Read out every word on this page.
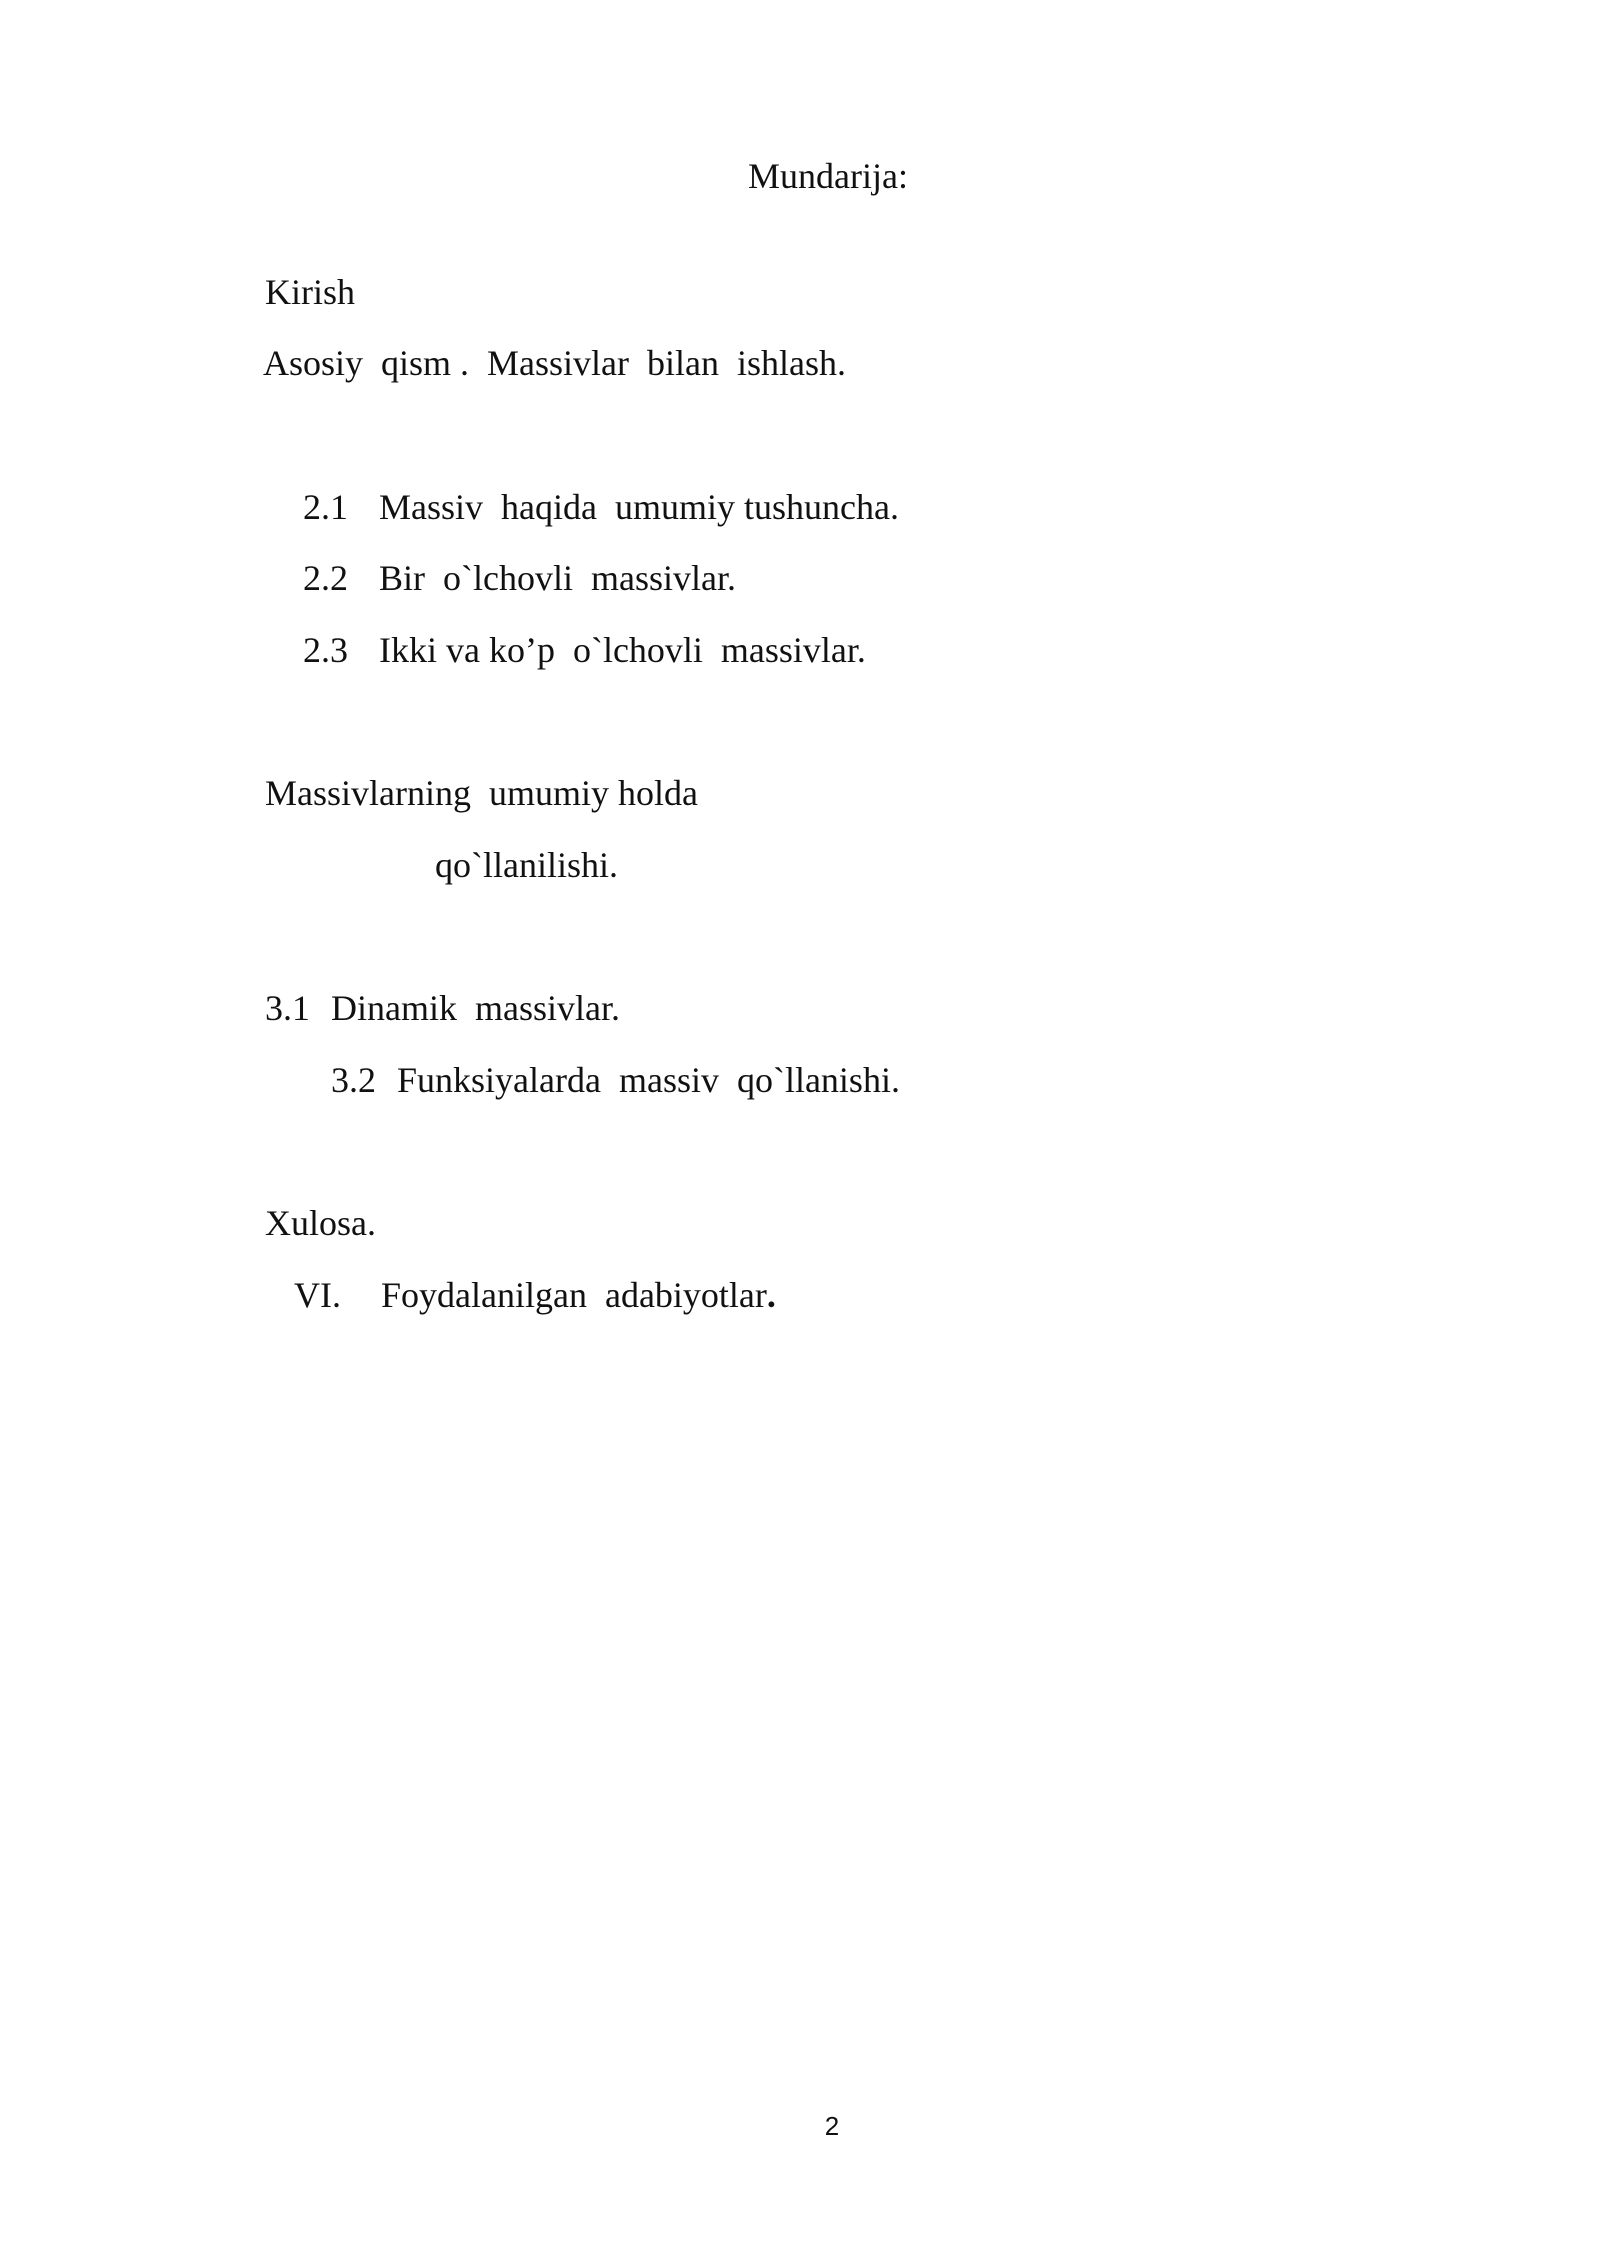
Mundarija:

Kirish

Asosiy  qism .  Massivlar  bilan  ishlash.

2.1 Massiv  haqida  umumiy tushuncha.

2.2 Bir  o`lchovli  massivlar.

2.3 Ikki va ko’p  o`lchovli  massivlar.

Massivlarning  umumiy holda

qo`llanilishi.

3.1 Dinamik  massivlar.

3.2 Funksiyalarda  massiv  qo`llanishi.

Xulosa.

VI. Foydalanilgan  adabiyotlar.

2
